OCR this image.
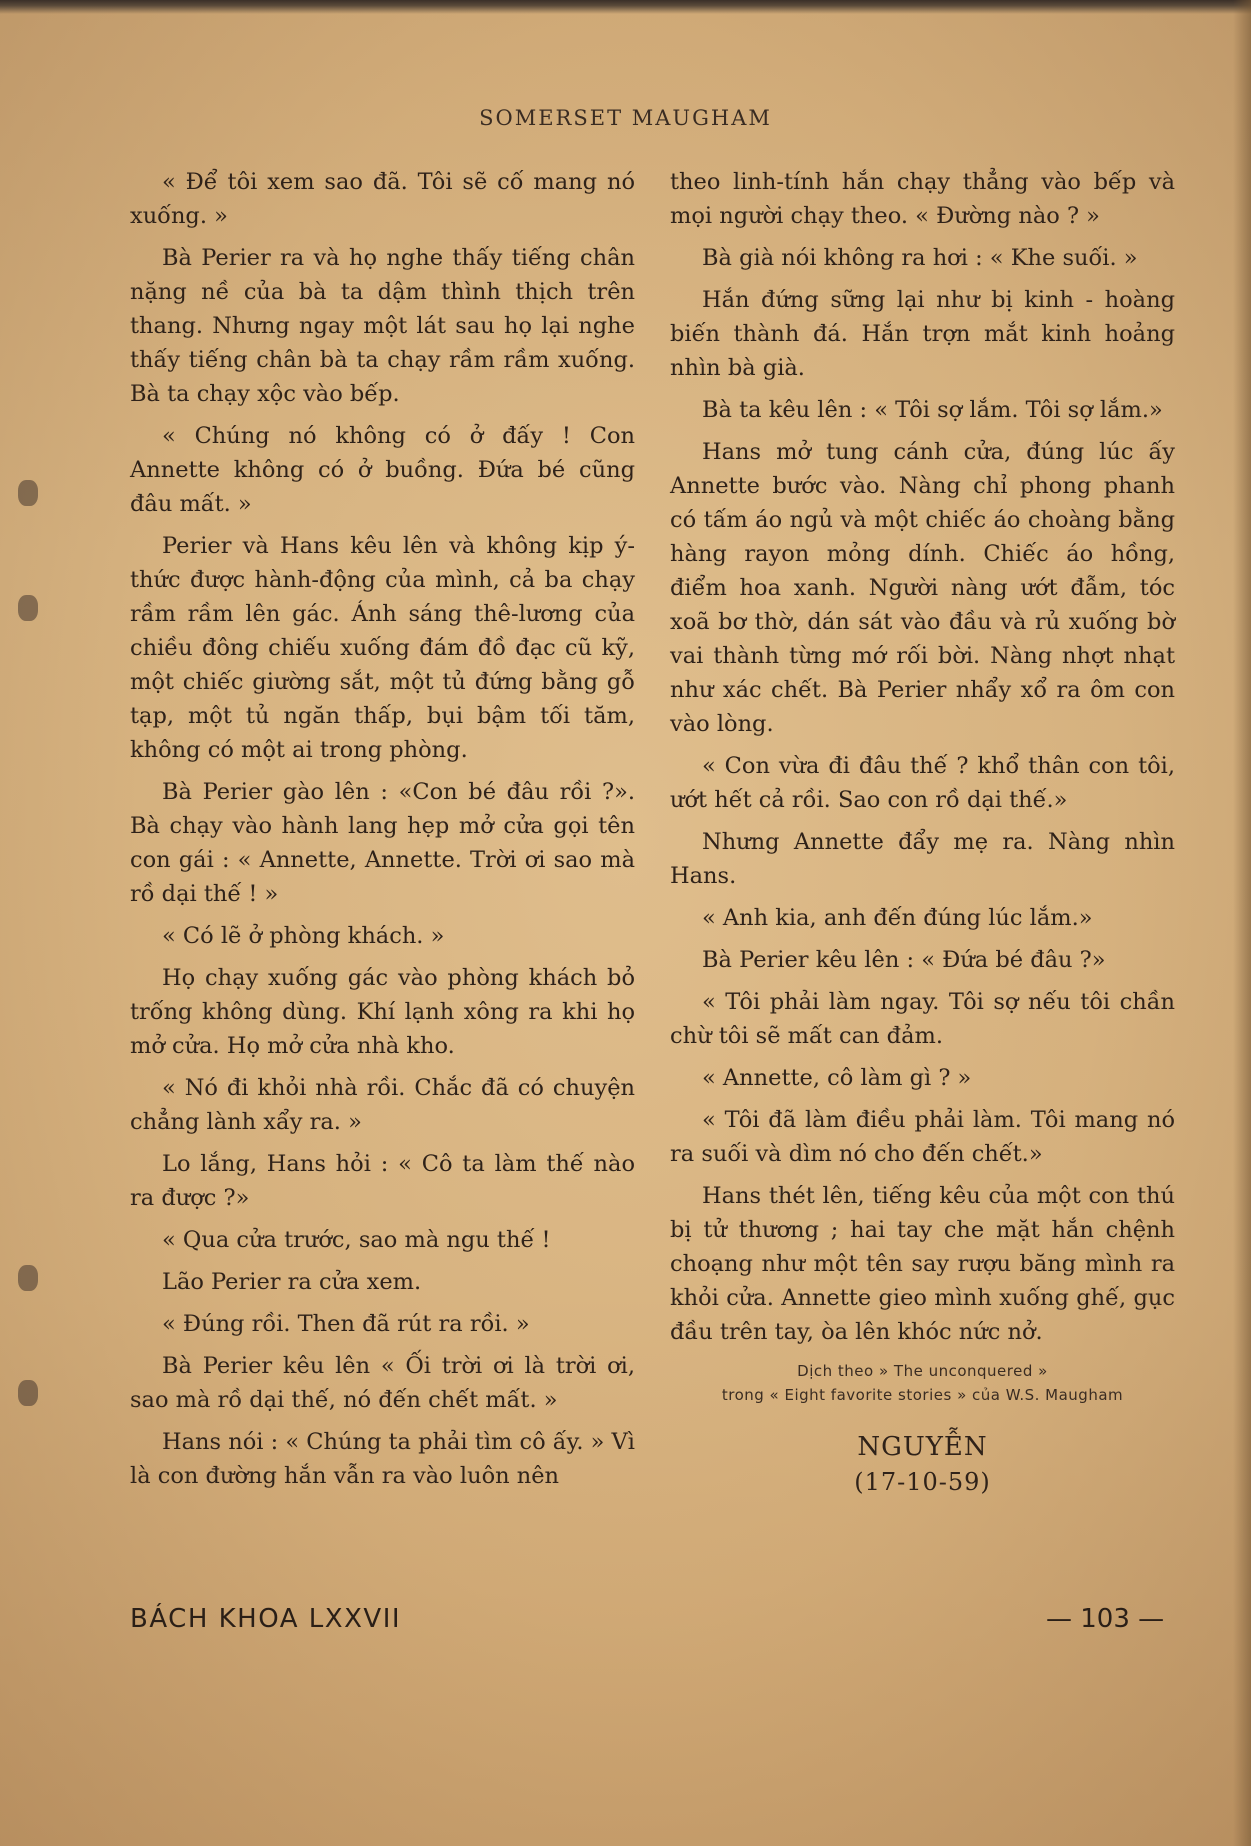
SOMERSET MAUGHAM

« Để tôi xem sao đã. Tôi sẽ cố mang nó xuống. »

Bà Perier ra và họ nghe thấy tiếng chân nặng nề của bà ta dậm thình thịch trên thang. Nhưng ngay một lát sau họ lại nghe thấy tiếng chân bà ta chạy rầm rầm xuống. Bà ta chạy xộc vào bếp.

« Chúng nó không có ở đấy ! Con Annette không có ở buồng. Đứa bé cũng đâu mất. »

Perier và Hans kêu lên và không kịp ý-thức được hành-động của mình, cả ba chạy rầm rầm lên gác. Ánh sáng thê-lương của chiều đông chiếu xuống đám đồ đạc cũ kỹ, một chiếc giường sắt, một tủ đứng bằng gỗ tạp, một tủ ngăn thấp, bụi bậm tối tăm, không có một ai trong phòng.

Bà Perier gào lên : «Con bé đâu rồi ?». Bà chạy vào hành lang hẹp mở cửa gọi tên con gái : « Annette, Annette. Trời ơi sao mà rồ dại thế ! »

« Có lẽ ở phòng khách. »

Họ chạy xuống gác vào phòng khách bỏ trống không dùng. Khí lạnh xông ra khi họ mở cửa. Họ mở cửa nhà kho.

« Nó đi khỏi nhà rồi. Chắc đã có chuyện chẳng lành xẩy ra. »

Lo lắng, Hans hỏi : « Cô ta làm thế nào ra được ?»

« Qua cửa trước, sao mà ngu thế !

Lão Perier ra cửa xem.

« Đúng rồi. Then đã rút ra rồi. »

Bà Perier kêu lên « Ối trời ơi là trời ơi, sao mà rồ dại thế, nó đến chết mất. »

Hans nói : « Chúng ta phải tìm cô ấy. » Vì là con đường hắn vẫn ra vào luôn nên

theo linh-tính hắn chạy thẳng vào bếp và mọi người chạy theo. « Đường nào ? »

Bà già nói không ra hơi : « Khe suối. »

Hắn đứng sững lại như bị kinh - hoàng biến thành đá. Hắn trợn mắt kinh hoảng nhìn bà già.

Bà ta kêu lên : « Tôi sợ lắm. Tôi sợ lắm.»

Hans mở tung cánh cửa, đúng lúc ấy Annette bước vào. Nàng chỉ phong phanh có tấm áo ngủ và một chiếc áo choàng bằng hàng rayon mỏng dính. Chiếc áo hồng, điểm hoa xanh. Người nàng ướt đẫm, tóc xoã bơ thờ, dán sát vào đầu và rủ xuống bờ vai thành từng mớ rối bời. Nàng nhợt nhạt như xác chết. Bà Perier nhẩy xổ ra ôm con vào lòng.

« Con vừa đi đâu thế ? khổ thân con tôi, ướt hết cả rồi. Sao con rồ dại thế.»

Nhưng Annette đẩy mẹ ra. Nàng nhìn Hans.

« Anh kia, anh đến đúng lúc lắm.»

Bà Perier kêu lên : « Đứa bé đâu ?»

« Tôi phải làm ngay. Tôi sợ nếu tôi chần chừ tôi sẽ mất can đảm.

« Annette, cô làm gì ? »

« Tôi đã làm điều phải làm. Tôi mang nó ra suối và dìm nó cho đến chết.»

Hans thét lên, tiếng kêu của một con thú bị tử thương ; hai tay che mặt hắn chệnh choạng như một tên say rượu băng mình ra khỏi cửa. Annette gieo mình xuống ghế, gục đầu trên tay, òa lên khóc nức nở.

Dịch theo » The unconquered »
trong « Eight favorite stories » của W.S. Maugham
NGUYỄN
(17-10-59)
BÁCH KHOA LXXVII	— 103 —
